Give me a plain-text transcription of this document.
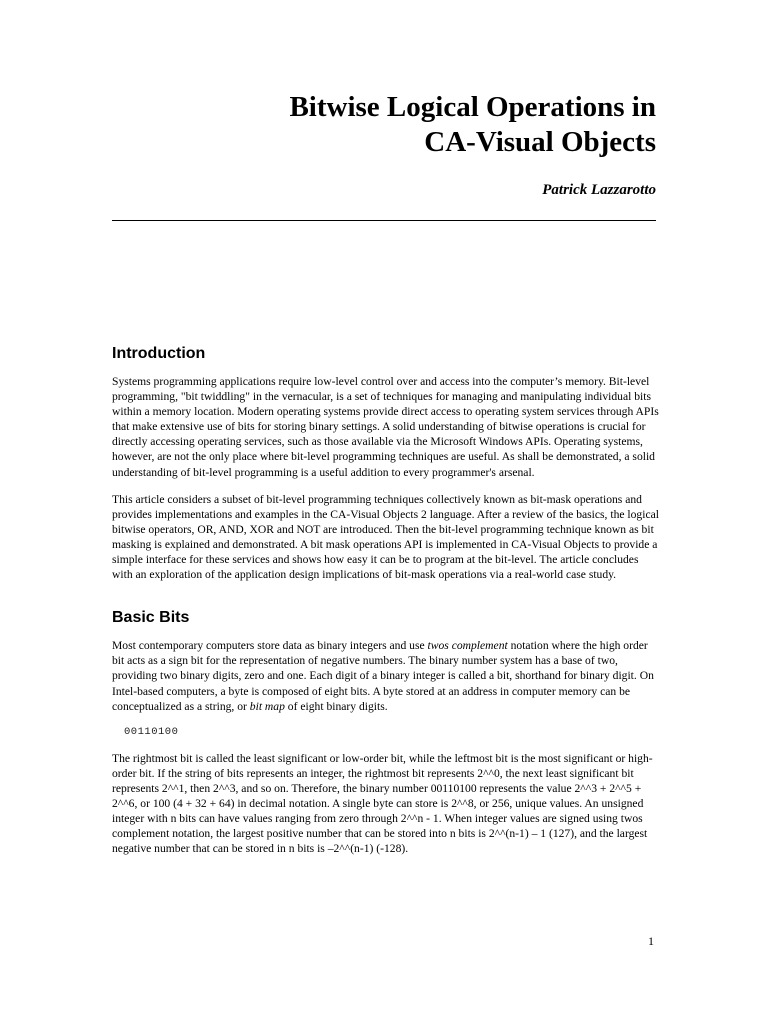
Bitwise Logical Operations in
CA-Visual Objects
Patrick Lazzarotto
Introduction

Systems programming applications require low-level control over and access into the computer’s memory. Bit-level programming, "bit twiddling" in the vernacular, is a set of techniques for managing and manipulating individual bits within a memory location. Modern operating systems provide direct access to operating system services through APIs that make extensive use of bits for storing binary settings. A solid understanding of bitwise operations is crucial for directly accessing operating services, such as those available via the Microsoft Windows APIs. Operating systems, however, are not the only place where bit-level programming techniques are useful. As shall be demonstrated, a solid understanding of bit-level programming is a useful addition to every programmer's arsenal.

This article considers a subset of bit-level programming techniques collectively known as bit-mask operations and provides implementations and examples in the CA-Visual Objects 2 language. After a review of the basics, the logical bitwise operators, OR, AND, XOR and NOT are introduced. Then the bit-level programming technique known as bit masking is explained and demonstrated. A bit mask operations API is implemented in CA-Visual Objects to provide a simple interface for these services and shows how easy it can be to program at the bit-level. The article concludes with an exploration of the application design implications of bit-mask operations via a real-world case study.

Basic Bits

Most contemporary computers store data as binary integers and use twos complement notation where the high order bit acts as a sign bit for the representation of negative numbers. The binary number system has a base of two, providing two binary digits, zero and one. Each digit of a binary integer is called a bit, shorthand for binary digit. On Intel-based computers, a byte is composed of eight bits. A byte stored at an address in computer memory can be conceptualized as a string, or bit map of eight binary digits.

00110100

The rightmost bit is called the least significant or low-order bit, while the leftmost bit is the most significant or high-order bit. If the string of bits represents an integer, the rightmost bit represents 2^^0, the next least significant bit represents 2^^1, then 2^^3, and so on. Therefore, the binary number 00110100 represents the value 2^^3 + 2^^5 + 2^^6, or 100 (4 + 32 + 64) in decimal notation. A single byte can store is 2^^8, or 256, unique values. An unsigned integer with n bits can have values ranging from zero through 2^^n - 1. When integer values are signed using twos complement notation, the largest positive number that can be stored into n bits is 2^^(n-1) – 1 (127), and the largest negative number that can be stored in n bits is –2^^(n-1) (-128).

1
